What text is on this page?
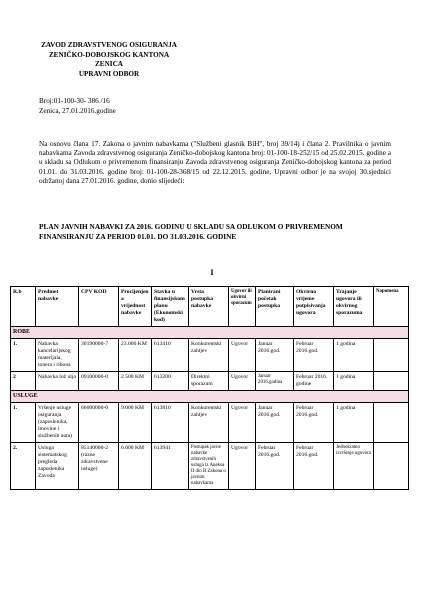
ZAVOD ZDRAVSTVENOG OSIGURANJA
ZENIČKO-DOBOJSKOG KANTONA
ZENICA
UPRAVNI ODBOR
Broj:01-100-30- 386 /16
Zenica, 27.01.2016.godine
Na osnovu člana 17. Zakona o javnim nabavkama ("Službeni glasnik BiH", broj 39/14) i člana 2. Pravilnika o javnim nabavkama Zavoda zdravstvenog osiguranja Zeničko-dobojskog kantona broj: 01-100-18-252/15 od 25.02.2015. godine a u skladu sa Odlukom o privremenom finansiranju Zavoda zdravstvenog osiguranja Zeničko-dobojskog kantona za period 01.01. do 31.03.2016. godine broj: 01-100-28-368/15 od 22.12.2015. godine, Upravni odbor je na svojoj 30.sjednici održanoj dana 27.01.2016. godine, donio slijedeći:
PLAN JAVNIH NABAVKI ZA 2016. GODINU U SKLADU SA ODLUKOM O PRIVREMENOM FINANSIRANJU ZA PERIOD 01.01. DO 31.03.2016. GODINE
I
R.b	Predmet nabavke	CPV KOD	Procijenjena vrijednost nabavke	Stavka u finansijskom planu (Ekonomski kod)	Vrsta postupka nabavke	Ugovor ili okvirni sporazum	Planirani početak postupka	Okvirno vrijeme potpisivanja ugovora	Trajanje ugovora ili okvirnog sporazuma	Napomena
ROBE										
1.	Nabavka kancelarijskog materijala, tonera i ribona	30190000-7	23.000 KM	613410	Konkurentski zahtjev	Ugovor	Januar 2016.god.	Februar 2016.god.	1 godina	
2	Nabavka lož ulja	09100000-0	2.500 KM	613200	Direktni sporazum	Ugovor	Januar 2016.godina	Februar 2016. godine	1 godina	
USLUGE										
1.	Vršenje usluge osiguranja (zaposlenika, imovine i službenih auta)	66000000-0	9.000 KM	613810	Konkurentski zahtjev	Ugovor	Januar 2016.god.	Februar 2016.god.	1 godina	
2.	Usluga sistematskog pregleda zaposlenika Zavoda	85140000-2 (razne zdravstvene usluge)	6.000 KM	613941	Postupak javne nabavke zdravstvenih usluga iz Aneksa II dio B Zakona o javnim nabavkama	Ugovor	Februar 2016.god.	Februar 2016.god.	Jednokratno izvršenje ugovora	
